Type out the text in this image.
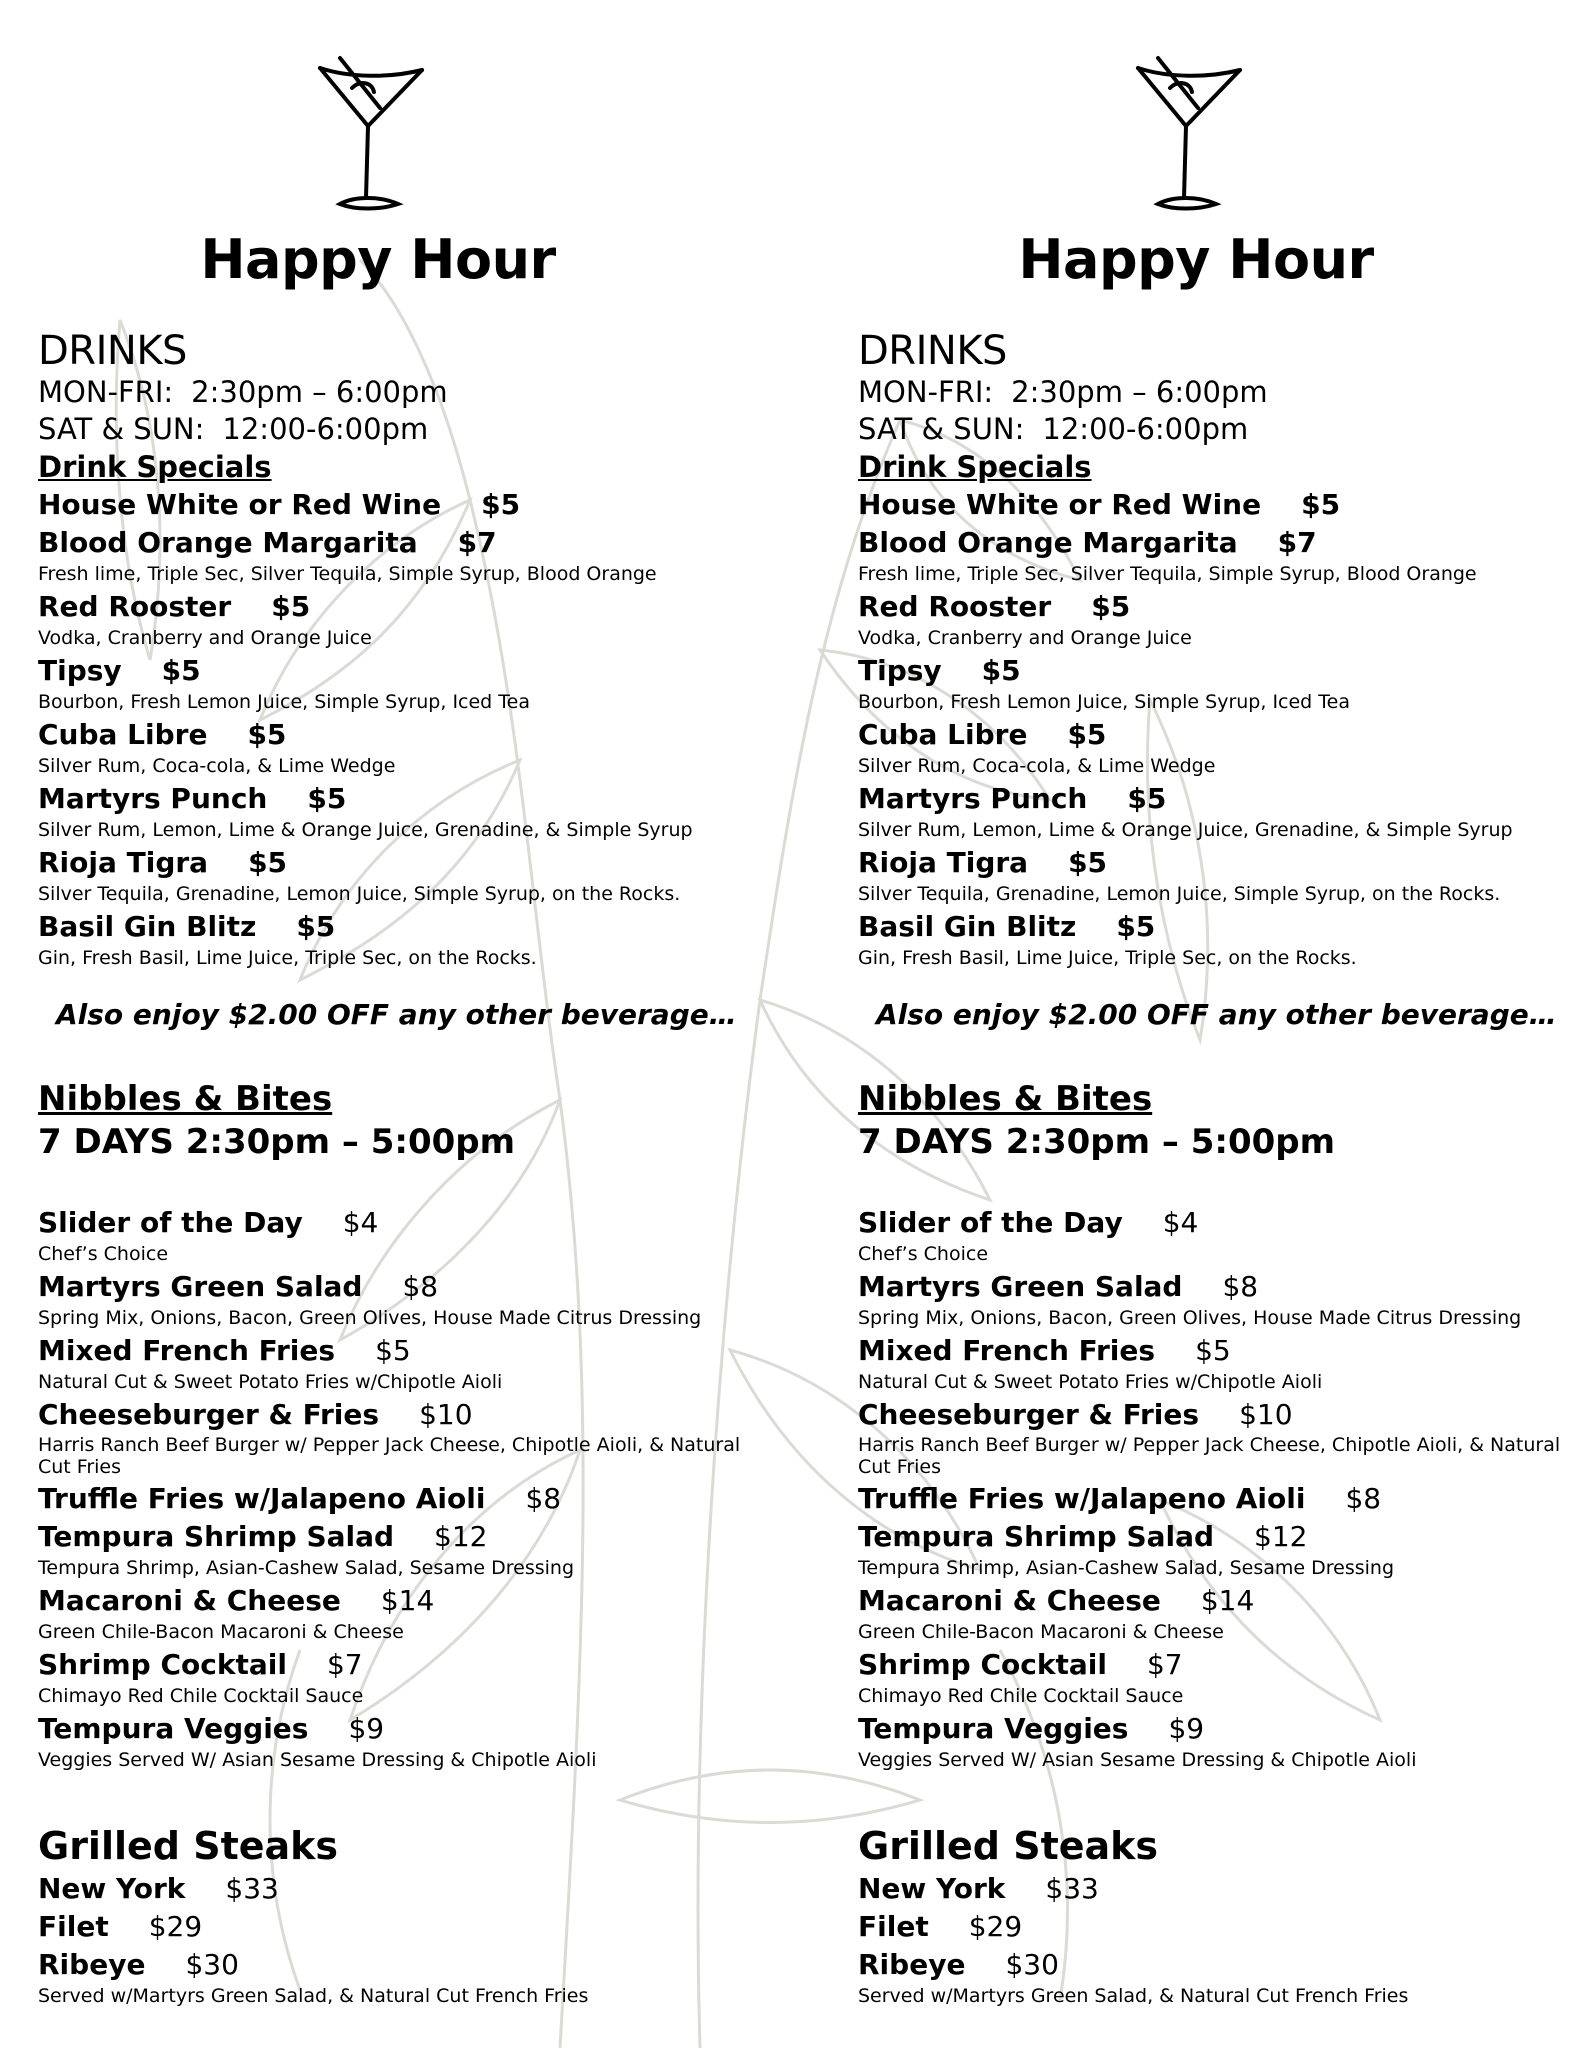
Happy Hour
DRINKS
MON-FRI: 2:30pm – 6:00pm
SAT & SUN: 12:00-6:00pm
Drink Specials
House White or Red Wine $5
Blood Orange Margarita $7
Fresh lime, Triple Sec, Silver Tequila, Simple Syrup, Blood Orange
Red Rooster $5
Vodka, Cranberry and Orange Juice
Tipsy $5
Bourbon, Fresh Lemon Juice, Simple Syrup, Iced Tea
Cuba Libre $5
Silver Rum, Coca-cola, & Lime Wedge
Martyrs Punch $5
Silver Rum, Lemon, Lime & Orange Juice, Grenadine, & Simple Syrup
Rioja Tigra $5
Silver Tequila, Grenadine, Lemon Juice, Simple Syrup, on the Rocks.
Basil Gin Blitz $5
Gin, Fresh Basil, Lime Juice, Triple Sec, on the Rocks.
Also enjoy $2.00 OFF any other beverage…
Nibbles & Bites
7 DAYS 2:30pm – 5:00pm
Slider of the Day $4
Chef’s Choice
Martyrs Green Salad $8
Spring Mix, Onions, Bacon, Green Olives, House Made Citrus Dressing
Mixed French Fries $5
Natural Cut & Sweet Potato Fries w/Chipotle Aioli
Cheeseburger & Fries $10
Harris Ranch Beef Burger w/ Pepper Jack Cheese, Chipotle Aioli, & Natural Cut Fries
Truffle Fries w/Jalapeno Aioli $8
Tempura Shrimp Salad $12
Tempura Shrimp, Asian-Cashew Salad, Sesame Dressing
Macaroni & Cheese $14
Green Chile-Bacon Macaroni & Cheese
Shrimp Cocktail $7
Chimayo Red Chile Cocktail Sauce
Tempura Veggies $9
Veggies Served W/ Asian Sesame Dressing & Chipotle Aioli
Grilled Steaks
New York $33
Filet $29
Ribeye $30
Served w/Martyrs Green Salad, & Natural Cut French Fries
Happy Hour
DRINKS
MON-FRI: 2:30pm – 6:00pm
SAT & SUN: 12:00-6:00pm
Drink Specials
House White or Red Wine $5
Blood Orange Margarita $7
Fresh lime, Triple Sec, Silver Tequila, Simple Syrup, Blood Orange
Red Rooster $5
Vodka, Cranberry and Orange Juice
Tipsy $5
Bourbon, Fresh Lemon Juice, Simple Syrup, Iced Tea
Cuba Libre $5
Silver Rum, Coca-cola, & Lime Wedge
Martyrs Punch $5
Silver Rum, Lemon, Lime & Orange Juice, Grenadine, & Simple Syrup
Rioja Tigra $5
Silver Tequila, Grenadine, Lemon Juice, Simple Syrup, on the Rocks.
Basil Gin Blitz $5
Gin, Fresh Basil, Lime Juice, Triple Sec, on the Rocks.
Also enjoy $2.00 OFF any other beverage…
Nibbles & Bites
7 DAYS 2:30pm – 5:00pm
Slider of the Day $4
Chef’s Choice
Martyrs Green Salad $8
Spring Mix, Onions, Bacon, Green Olives, House Made Citrus Dressing
Mixed French Fries $5
Natural Cut & Sweet Potato Fries w/Chipotle Aioli
Cheeseburger & Fries $10
Harris Ranch Beef Burger w/ Pepper Jack Cheese, Chipotle Aioli, & Natural Cut Fries
Truffle Fries w/Jalapeno Aioli $8
Tempura Shrimp Salad $12
Tempura Shrimp, Asian-Cashew Salad, Sesame Dressing
Macaroni & Cheese $14
Green Chile-Bacon Macaroni & Cheese
Shrimp Cocktail $7
Chimayo Red Chile Cocktail Sauce
Tempura Veggies $9
Veggies Served W/ Asian Sesame Dressing & Chipotle Aioli
Grilled Steaks
New York $33
Filet $29
Ribeye $30
Served w/Martyrs Green Salad, & Natural Cut French Fries
